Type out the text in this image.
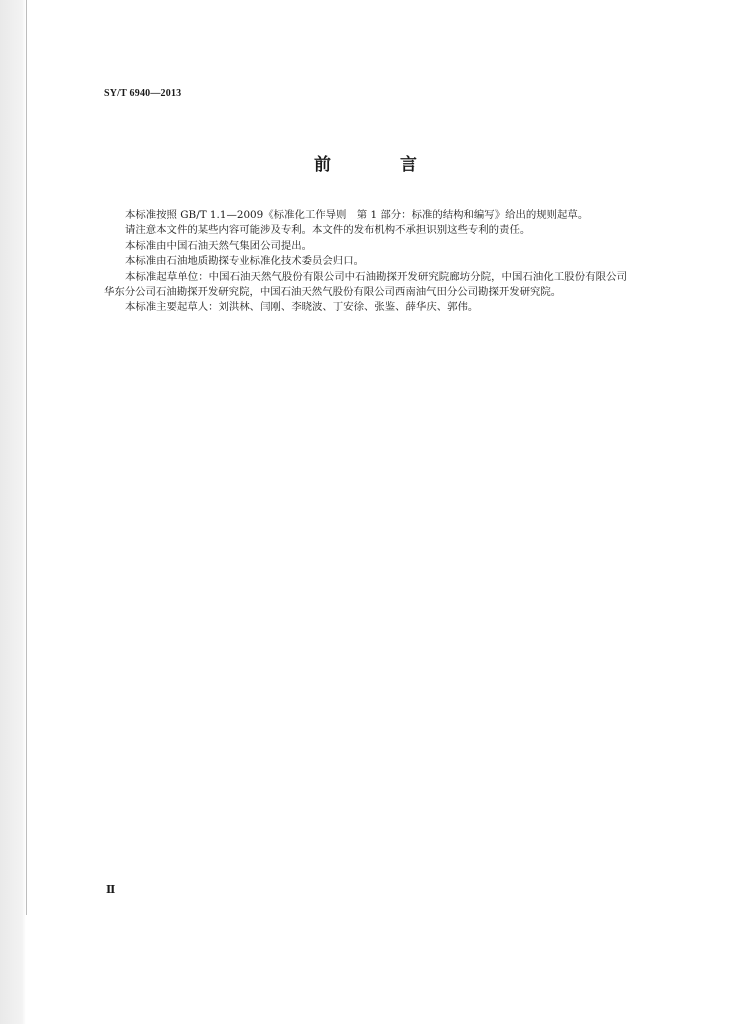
SY/T 6940—2013
前　言

本标准按照 GB/T 1.1—2009《标准化工作导则　第 1 部分：标准的结构和编写》给出的规则起草。

请注意本文件的某些内容可能涉及专利。本文件的发布机构不承担识别这些专利的责任。

本标准由中国石油天然气集团公司提出。

本标准由石油地质勘探专业标准化技术委员会归口。

本标准起草单位：中国石油天然气股份有限公司中石油勘探开发研究院廊坊分院，中国石油化工股份有限公司华东分公司石油勘探开发研究院，中国石油天然气股份有限公司西南油气田分公司勘探开发研究院。

本标准主要起草人：刘洪林、闫刚、李晓波、丁安徐、张鉴、薛华庆、郭伟。

Ⅱ
